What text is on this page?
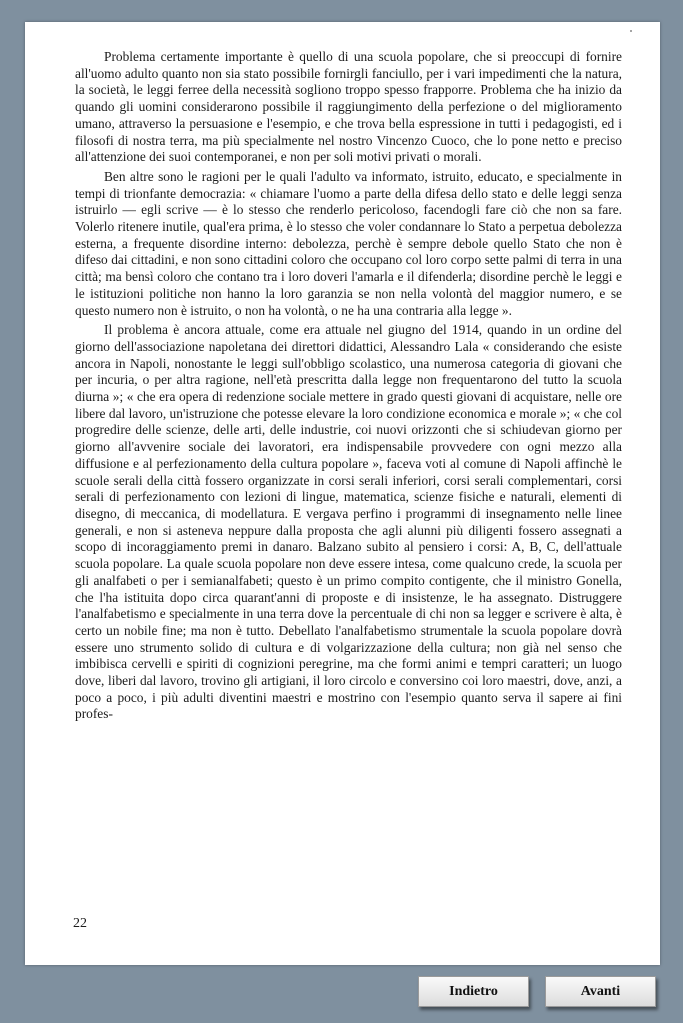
Problema certamente importante è quello di una scuola popolare, che si preoccupi di fornire all'uomo adulto quanto non sia stato possibile fornirgli fanciullo, per i vari impedimenti che la natura, la società, le leggi ferree della necessità sogliono troppo spesso frapporre. Problema che ha inizio da quando gli uomini considerarono possibile il raggiungimento della perfezione o del miglioramento umano, attraverso la persuasione e l'esempio, e che trova bella espressione in tutti i pedagogisti, ed i filosofi di nostra terra, ma più specialmente nel nostro Vincenzo Cuoco, che lo pone netto e preciso all'attenzione dei suoi contemporanei, e non per soli motivi privati o morali.

Ben altre sono le ragioni per le quali l'adulto va informato, istruito, educato, e specialmente in tempi di trionfante democrazia: « chiamare l'uomo a parte della difesa dello stato e delle leggi senza istruirlo — egli scrive — è lo stesso che renderlo pericoloso, facendogli fare ciò che non sa fare. Volerlo ritenere inutile, qual'era prima, è lo stesso che voler condannare lo Stato a perpetua debolezza esterna, a frequente disordine interno: debolezza, perchè è sempre debole quello Stato che non è difeso dai cittadini, e non sono cittadini coloro che occupano col loro corpo sette palmi di terra in una città; ma bensì coloro che contano tra i loro doveri l'amarla e il difenderla; disordine perchè le leggi e le istituzioni politiche non hanno la loro garanzia se non nella volontà del maggior numero, e se questo numero non è istruito, o non ha volontà, o ne ha una contraria alla legge ».

Il problema è ancora attuale, come era attuale nel giugno del 1914, quando in un ordine del giorno dell'associazione napoletana dei direttori didattici, Alessandro Lala « considerando che esiste ancora in Napoli, nonostante le leggi sull'obbligo scolastico, una numerosa categoria di giovani che per incuria, o per altra ragione, nell'età prescritta dalla legge non frequentarono del tutto la scuola diurna »; « che era opera di redenzione sociale mettere in grado questi giovani di acquistare, nelle ore libere dal lavoro, un'istruzione che potesse elevare la loro condizione economica e morale »; « che col progredire delle scienze, delle arti, delle industrie, coi nuovi orizzonti che si schiudevan giorno per giorno all'avvenire sociale dei lavoratori, era indispensabile provvedere con ogni mezzo alla diffusione e al perfezionamento della cultura popolare », faceva voti al comune di Napoli affinchè le scuole serali della città fossero organizzate in corsi serali inferiori, corsi serali complementari, corsi serali di perfezionamento con lezioni di lingue, matematica, scienze fisiche e naturali, elementi di disegno, di meccanica, di modellatura. E vergava perfino i programmi di insegnamento nelle linee generali, e non si asteneva neppure dalla proposta che agli alunni più diligenti fossero assegnati a scopo di incoraggiamento premi in danaro. Balzano subito al pensiero i corsi: A, B, C, dell'attuale scuola popolare. La quale scuola popolare non deve essere intesa, come qualcuno crede, la scuola per gli analfabeti o per i semianalfabeti; questo è un primo compito contigente, che il ministro Gonella, che l'ha istituita dopo circa quarant'anni di proposte e di insistenze, le ha assegnato. Distruggere l'analfabetismo e specialmente in una terra dove la percentuale di chi non sa legger e scrivere è alta, è certo un nobile fine; ma non è tutto. Debellato l'analfabetismo strumentale la scuola popolare dovrà essere uno strumento solido di cultura e di volgarizzazione della cultura; non già nel senso che imbibisca cervelli e spiriti di cognizioni peregrine, ma che formi animi e tempri caratteri; un luogo dove, liberi dal lavoro, trovino gli artigiani, il loro circolo e conversino coi loro maestri, dove, anzi, a poco a poco, i più adulti diventini maestri e mostrino con l'esempio quanto serva il sapere ai fini profes-

22
Indietro	Avanti
